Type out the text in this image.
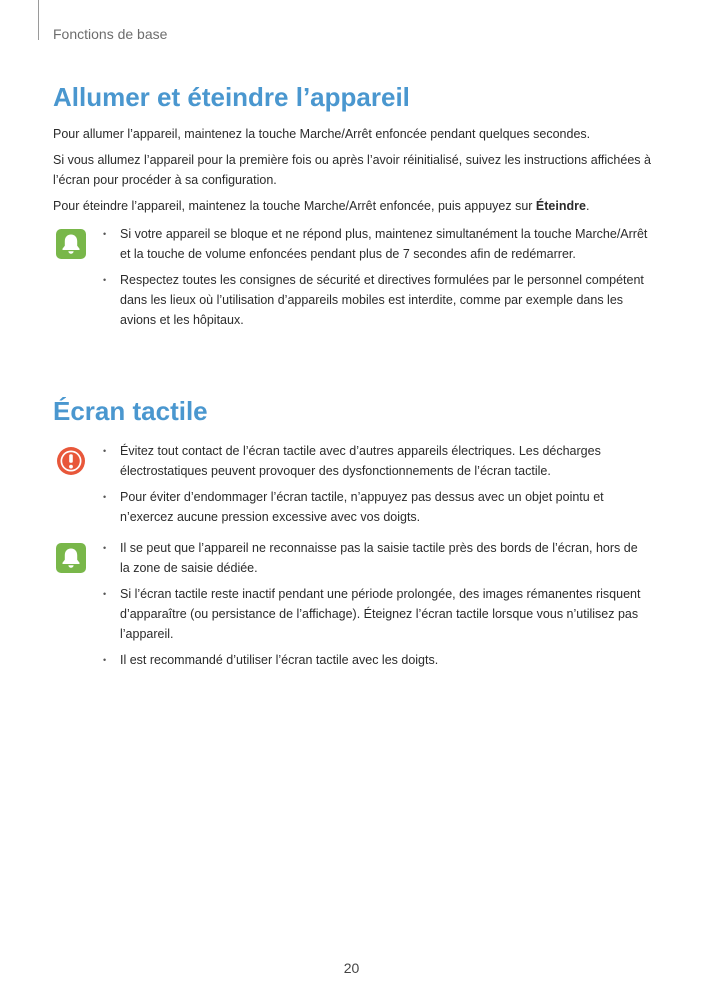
Fonctions de base
Allumer et éteindre l’appareil

Pour allumer l’appareil, maintenez la touche Marche/Arrêt enfoncée pendant quelques secondes.

Si vous allumez l’appareil pour la première fois ou après l’avoir réinitialisé, suivez les instructions affichées à l’écran pour procéder à sa configuration.

Pour éteindre l’appareil, maintenez la touche Marche/Arrêt enfoncée, puis appuyez sur Éteindre.

• Si votre appareil se bloque et ne répond plus, maintenez simultanément la touche Marche/Arrêt et la touche de volume enfoncées pendant plus de 7 secondes afin de redémarrer.
• Respectez toutes les consignes de sécurité et directives formulées par le personnel compétent dans les lieux où l’utilisation d’appareils mobiles est interdite, comme par exemple dans les avions et les hôpitaux.
Écran tactile
• Évitez tout contact de l’écran tactile avec d’autres appareils électriques. Les décharges électrostatiques peuvent provoquer des dysfonctionnements de l’écran tactile.
• Pour éviter d’endommager l’écran tactile, n’appuyez pas dessus avec un objet pointu et n’exercez aucune pression excessive avec vos doigts.
• Il se peut que l’appareil ne reconnaisse pas la saisie tactile près des bords de l’écran, hors de la zone de saisie dédiée.
• Si l’écran tactile reste inactif pendant une période prolongée, des images rémanentes risquent d’apparaître (ou persistance de l’affichage). Éteignez l’écran tactile lorsque vous n’utilisez pas l’appareil.
• Il est recommandé d’utiliser l’écran tactile avec les doigts.
20
